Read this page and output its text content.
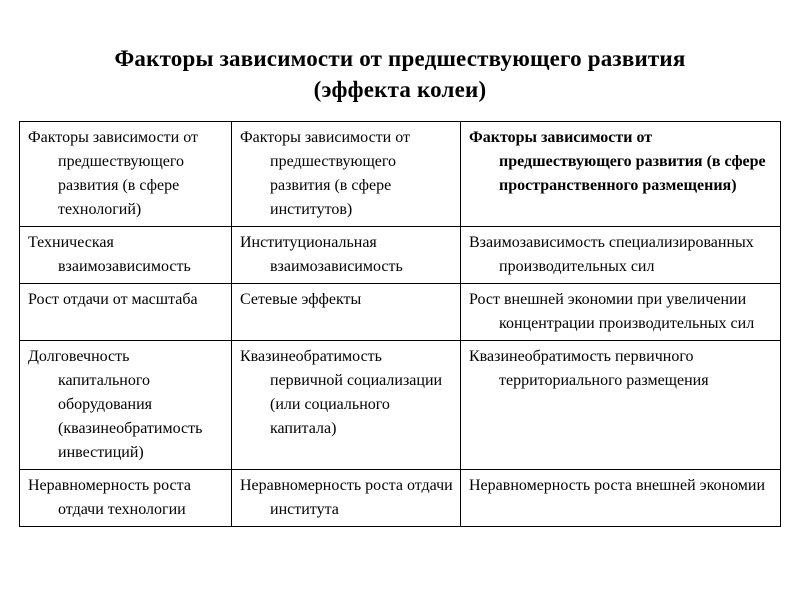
Факторы зависимости от предшествующего развития
(эффекта колеи)
Факторы зависимости от предшествующего развития (в сфере технологий)	Факторы зависимости от предшествующего развития (в сфере институтов)	Факторы зависимости от предшествующего развития (в сфере пространственного размещения)

Техническая взаимозависимость	Институциональная взаимозависимость	Взаимозависимость специализированных производительных сил

Рост отдачи от масштаба	Сетевые эффекты	Рост внешней экономии при увеличении концентрации производительных сил

Долговечность капитального оборудования (квазинеобратимость инвестиций)	Квазинеобратимость первичной социализации (или социального капитала)	Квазинеобратимость первичного территориального размещения

Неравномерность роста отдачи технологии	Неравномерность роста отдачи института	Неравномерность роста внешней экономии
